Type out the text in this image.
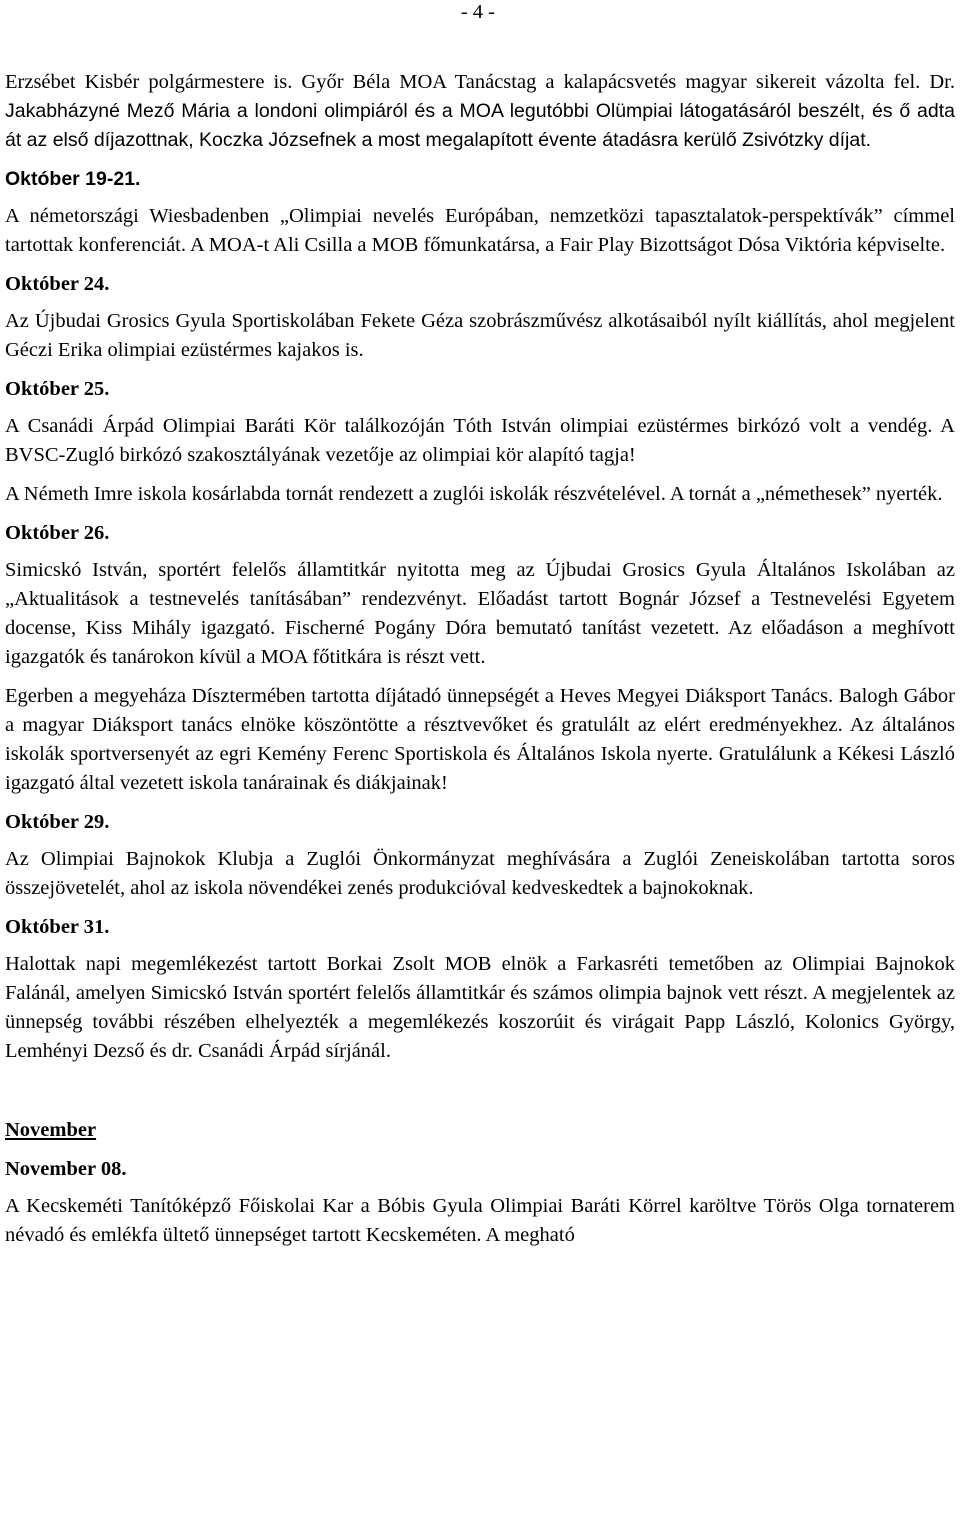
- 4 -

Erzsébet Kisbér polgármestere is. Győr Béla MOA Tanácstag a kalapácsvetés magyar sikereit vázolta fel. Dr. Jakabházyné Mező Mária a londoni olimpiáról és a MOA legutóbbi Olümpiai látogatásáról beszélt, és ő adta át az első díjazottnak, Koczka Józsefnek a most megalapított évente átadásra kerülő Zsivótzky díjat.

Október 19-21.

A németországi Wiesbadenben „Olimpiai nevelés Európában, nemzetközi tapasztalatok-perspektívák” címmel tartottak konferenciát. A MOA-t Ali Csilla a MOB főmunkatársa, a Fair Play Bizottságot Dósa Viktória képviselte.

Október 24.

Az Újbudai Grosics Gyula Sportiskolában Fekete Géza szobrászművész alkotásaiból nyílt kiállítás, ahol megjelent Géczi Erika olimpiai ezüstérmes kajakos is.

Október 25.

A Csanádi Árpád Olimpiai Baráti Kör találkozóján Tóth István olimpiai ezüstérmes birkózó volt a vendég. A BVSC-Zugló birkózó szakosztályának vezetője az olimpiai kör alapító tagja!

A Németh Imre iskola kosárlabda tornát rendezett a zuglói iskolák részvételével. A tornát a „némethesek” nyerték.

Október 26.

Simicskó István, sportért felelős államtitkár nyitotta meg az Újbudai Grosics Gyula Általános Iskolában az „Aktualitások a testnevelés tanításában” rendezvényt. Előadást tartott Bognár József a Testnevelési Egyetem docense, Kiss Mihály igazgató. Fischerné Pogány Dóra bemutató tanítást vezetett. Az előadáson a meghívott igazgatók és tanárokon kívül a MOA főtitkára is részt vett.

Egerben a megyeháza Dísztermében tartotta díjátadó ünnepségét a Heves Megyei Diáksport Tanács. Balogh Gábor a magyar Diáksport tanács elnöke köszöntötte a résztvevőket és gratulált az elért eredményekhez. Az általános iskolák sportversenyét az egri Kemény Ferenc Sportiskola és Általános Iskola nyerte. Gratulálunk a Kékesi László igazgató által vezetett iskola tanárainak és diákjainak!

Október 29.

Az Olimpiai Bajnokok Klubja a Zuglói Önkormányzat meghívására a Zuglói Zeneiskolában tartotta soros összejövetelét, ahol az iskola növendékei zenés produkcióval kedveskedtek a bajnokoknak.

Október 31.

Halottak napi megemlékezést tartott Borkai Zsolt MOB elnök a Farkasréti temetőben az Olimpiai Bajnokok Falánál, amelyen Simicskó István sportért felelős államtitkár és számos olimpia bajnok vett részt. A megjelentek az ünnepség további részében elhelyezték a megemlékezés koszorúit és virágait Papp László, Kolonics György, Lemhényi Dezső és dr. Csanádi Árpád sírjánál.

November
November 08.

A Kecskeméti Tanítóképző Főiskolai Kar a Bóbis Gyula Olimpiai Baráti Körrel karöltve Törös Olga tornaterem névadó és emlékfa ültető ünnepséget tartott Kecskeméten. A megható
